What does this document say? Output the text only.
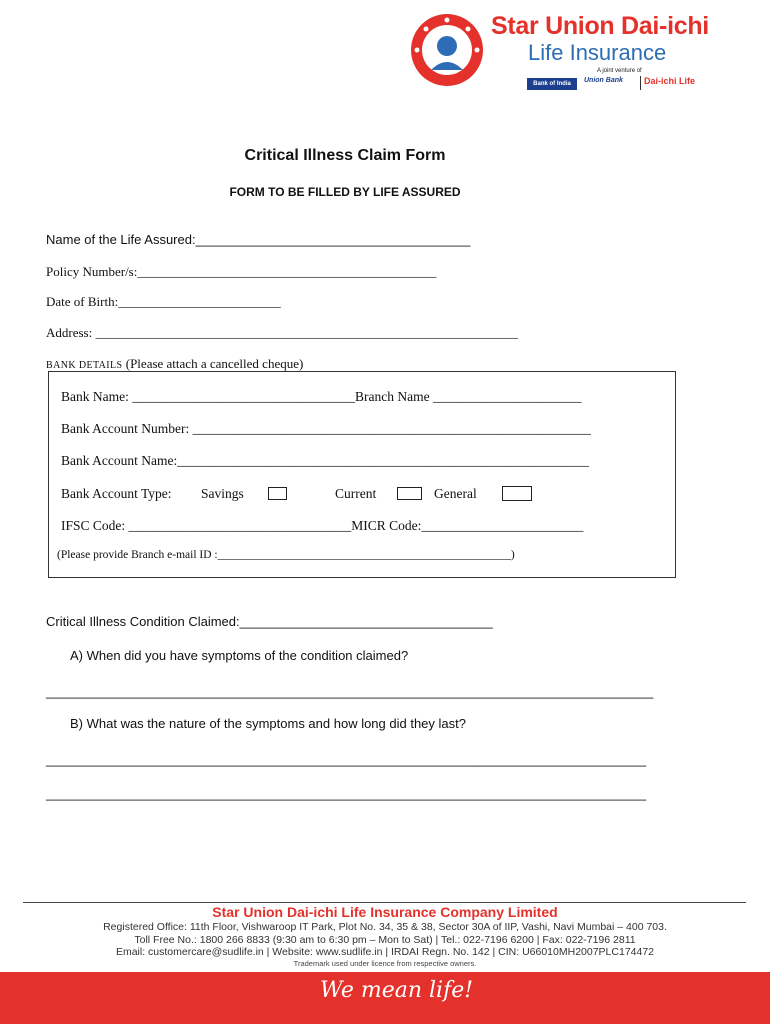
Star Union Dai-ichi
Life Insurance
A joint venture of
Bank of India	Union Bank Dai-ichi Life
Critical Illness Claim Form
FORM TO BE FILLED BY LIFE ASSURED
Name of the Life Assured:______________________________________
Policy Number/s:______________________________________________
Date of Birth:_________________________
Address: _________________________________________________________________
BANK DETAILS (Please attach a cancelled cheque)
Bank Name: _________________________________Branch Name ______________________
Bank Account Number: ___________________________________________________________
Bank Account Name:_____________________________________________________________
Bank Account Type: Savings	Current	General
IFSC Code: _________________________________MICR Code:________________________
(Please provide Branch e-mail ID :___________________________________________________)
Critical Illness Condition Claimed:___________________________________
A) When did you have symptoms of the condition claimed?
____________________________________________________________________________________
B) What was the nature of the symptoms and how long did they last?
___________________________________________________________________________________
___________________________________________________________________________________
Star Union Dai-ichi Life Insurance Company Limited
Registered Office: 11th Floor, Vishwaroop IT Park, Plot No. 34, 35 & 38, Sector 30A of IIP, Vashi, Navi Mumbai – 400 703.
Toll Free No.: 1800 266 8833 (9:30 am to 6:30 pm – Mon to Sat) | Tel.: 022-7196 6200 | Fax: 022-7196 2811
Email: customercare@sudlife.in | Website: www.sudlife.in | IRDAI Regn. No. 142 | CIN: U66010MH2007PLC174472
Trademark used under licence from respective owners.
We mean life!
